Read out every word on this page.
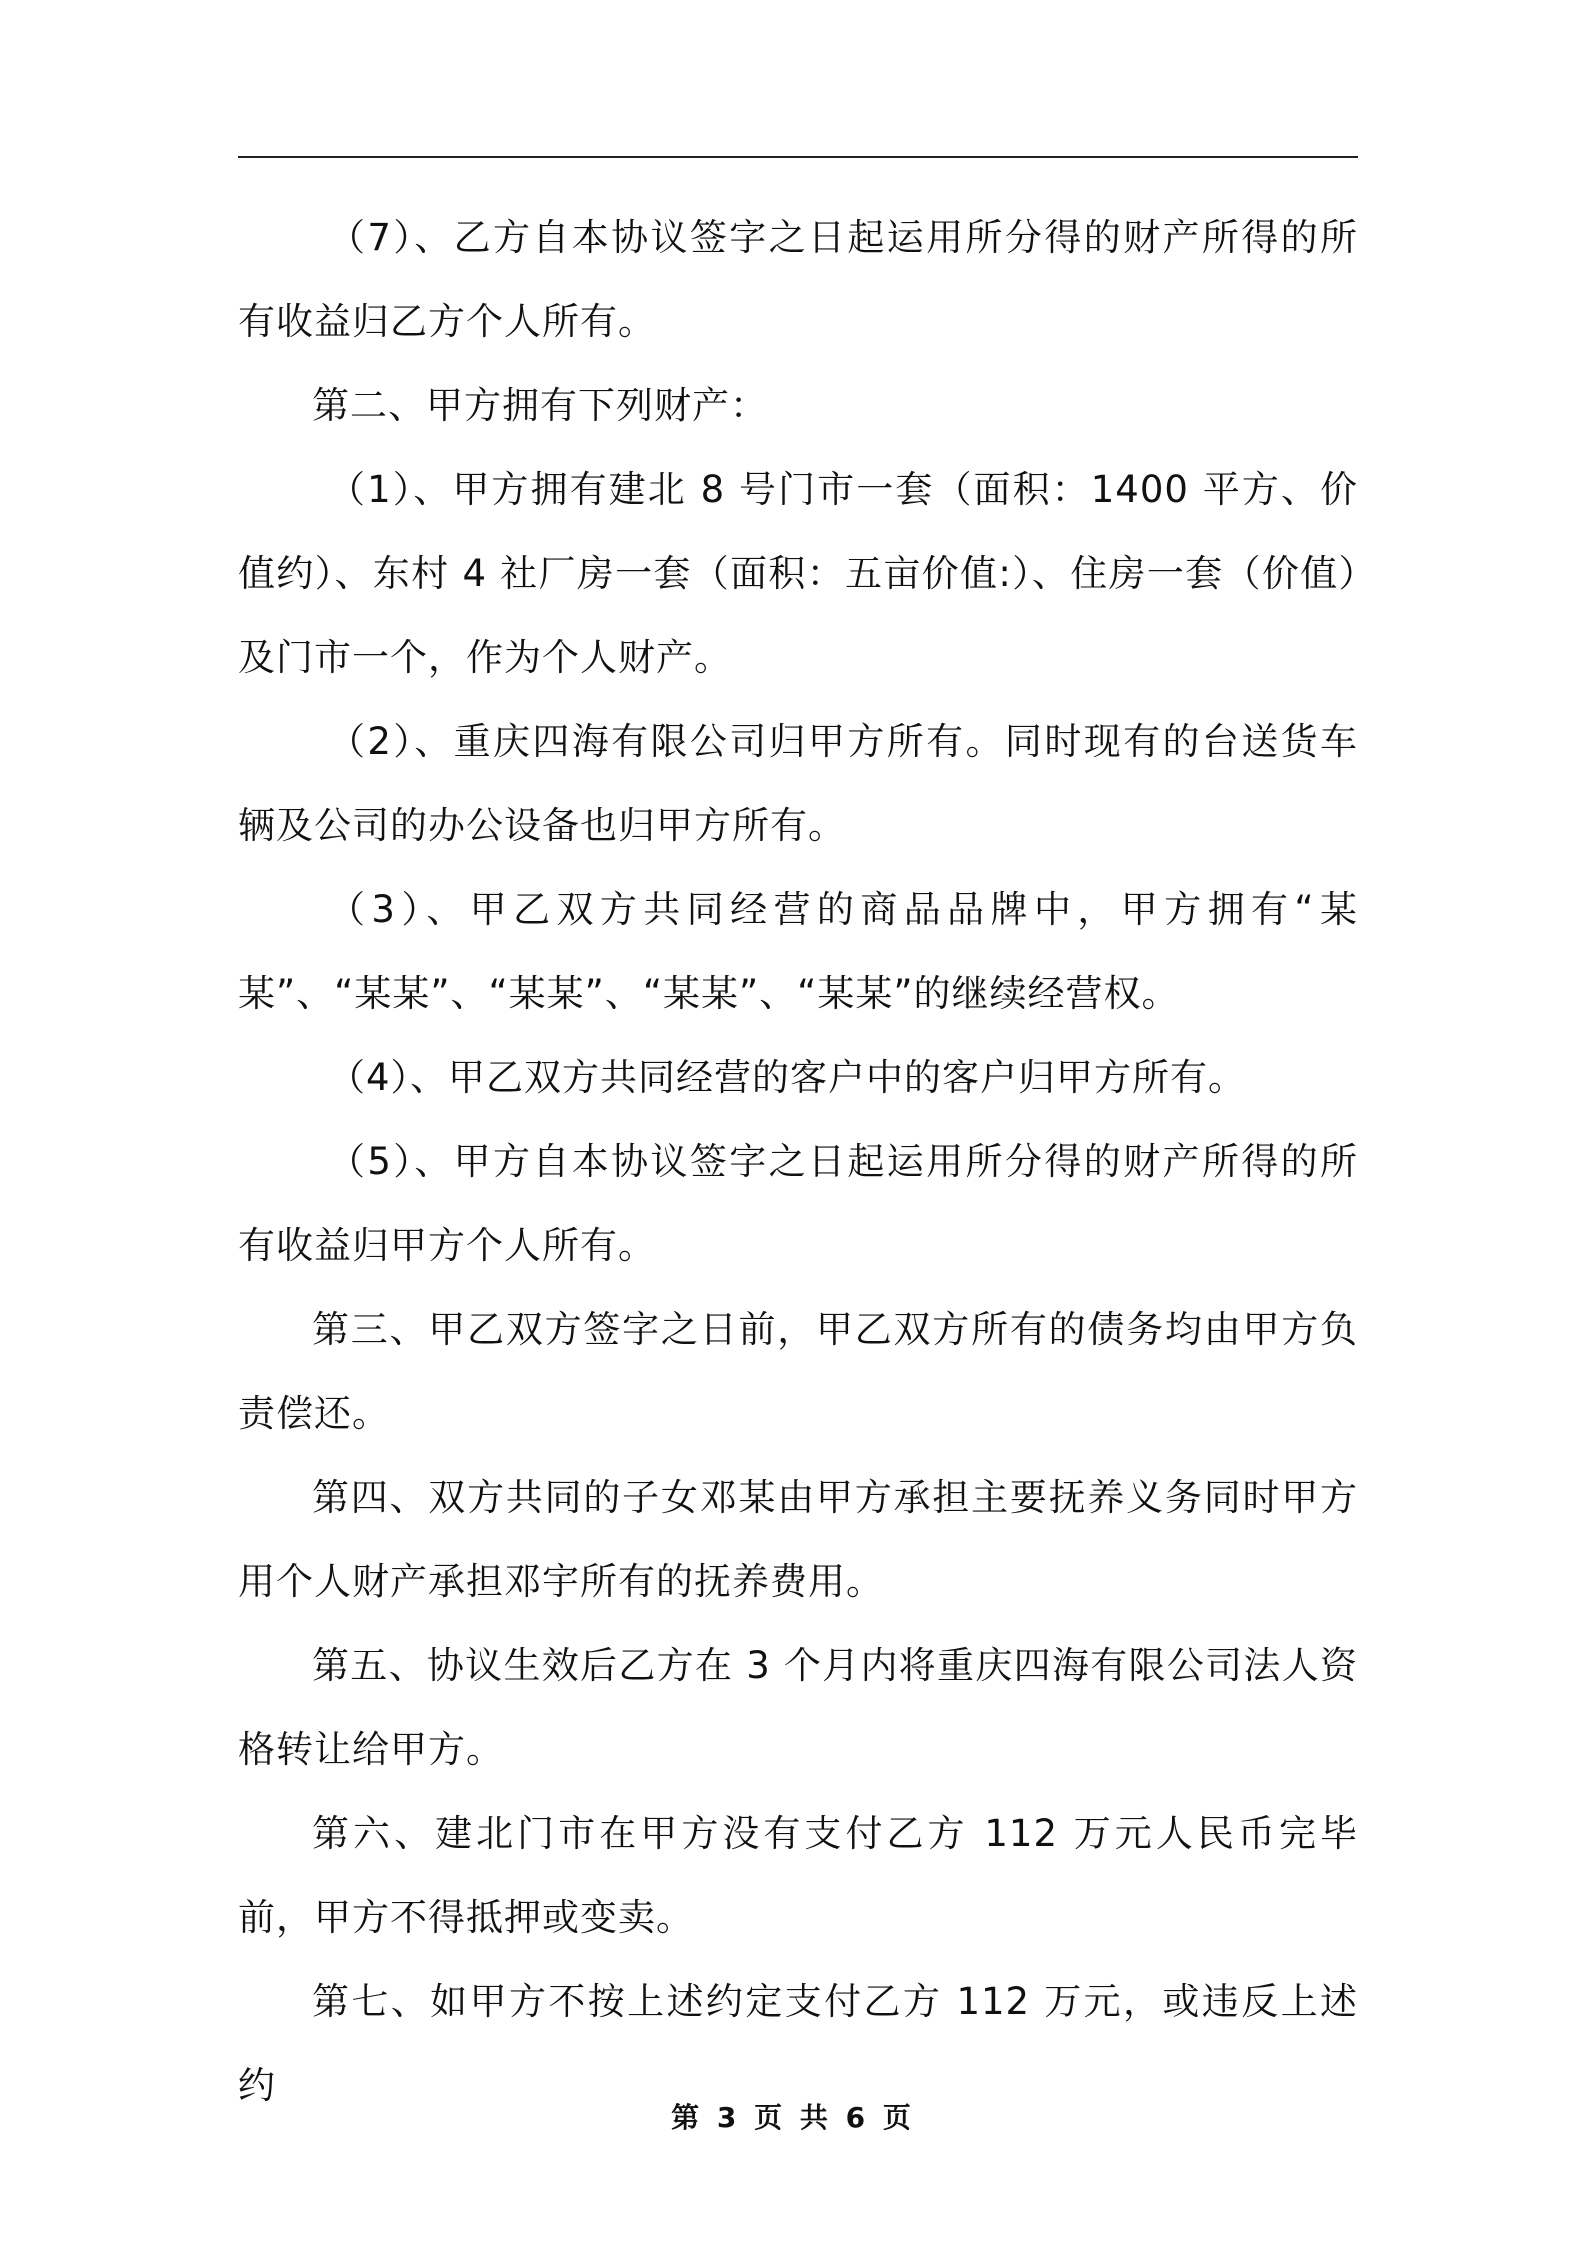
（7）、乙方自本协议签字之日起运用所分得的财产所得的所有收益归乙方个人所有。

第二、甲方拥有下列财产：

（1）、甲方拥有建北 8 号门市一套（面积：1400 平方、价值约）、东村 4 社厂房一套（面积：五亩价值:）、住房一套（价值）及门市一个，作为个人财产。

（2）、重庆四海有限公司归甲方所有。同时现有的台送货车辆及公司的办公设备也归甲方所有。

（3）、甲乙双方共同经营的商品品牌中，甲方拥有“某某”、“某某”、“某某”、“某某”、“某某”的继续经营权。

（4）、甲乙双方共同经营的客户中的客户归甲方所有。

（5）、甲方自本协议签字之日起运用所分得的财产所得的所有收益归甲方个人所有。

第三、甲乙双方签字之日前，甲乙双方所有的债务均由甲方负责偿还。

第四、双方共同的子女邓某由甲方承担主要抚养义务同时甲方用个人财产承担邓宇所有的抚养费用。

第五、协议生效后乙方在 3 个月内将重庆四海有限公司法人资格转让给甲方。

第六、建北门市在甲方没有支付乙方 112 万元人民币完毕前，甲方不得抵押或变卖。

第七、如甲方不按上述约定支付乙方 112 万元，或违反上述约

第 3 页 共 6 页
